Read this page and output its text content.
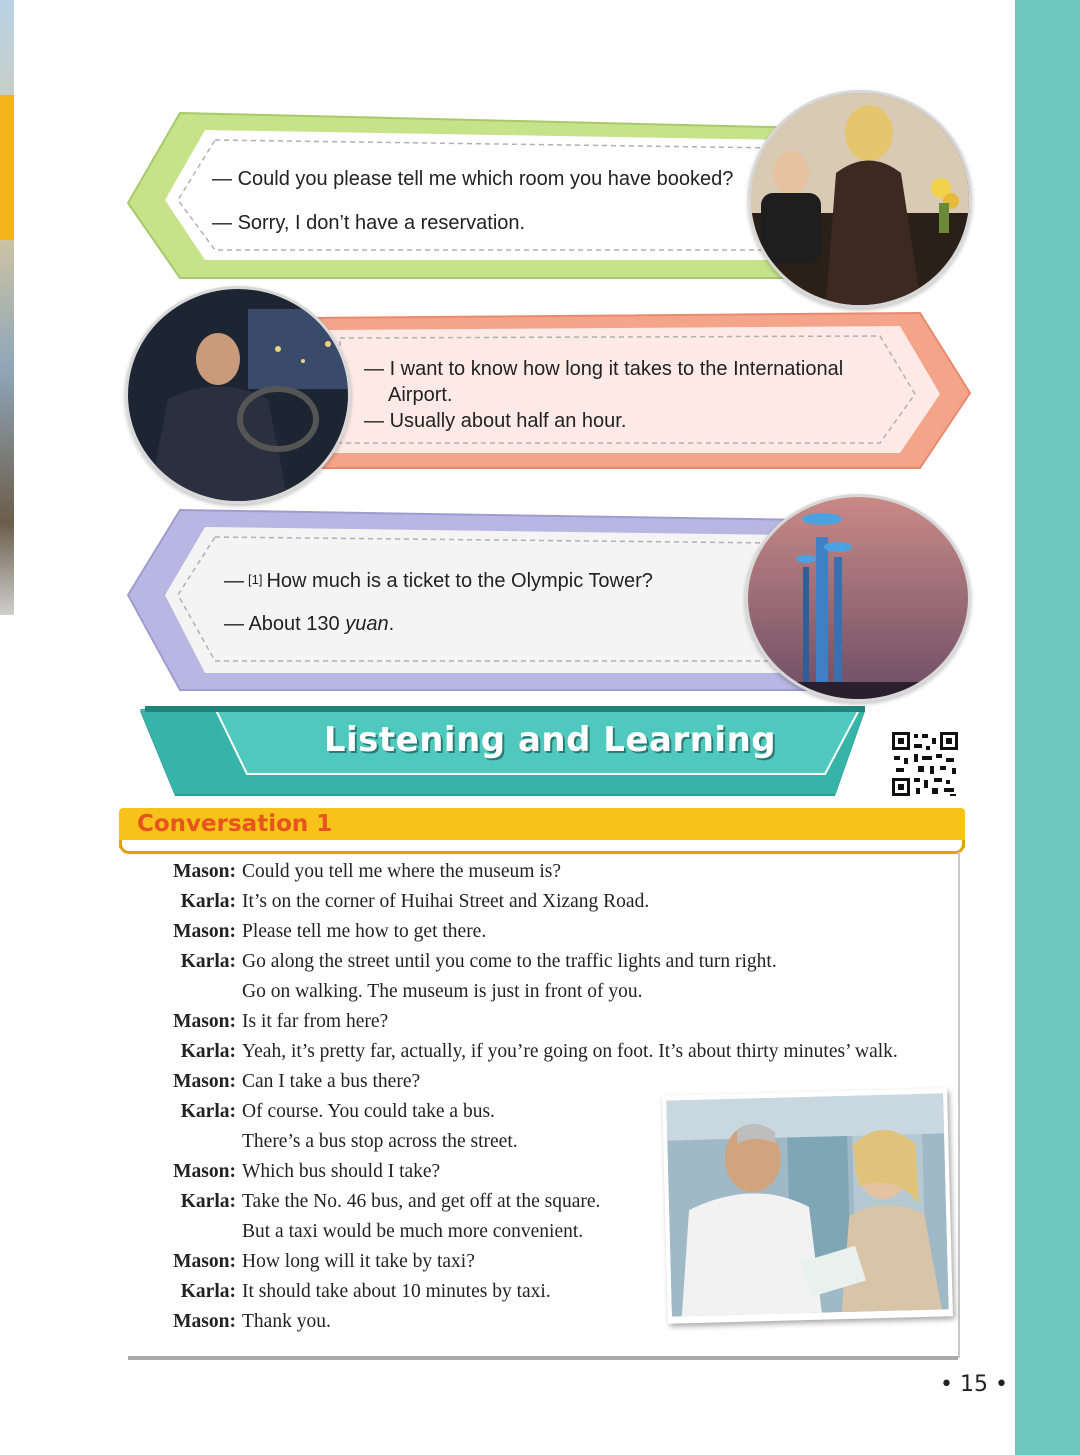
— Could you please tell me which room you have booked?
— Sorry, I don’t have a reservation.
— I want to know how long it takes to the International
Airport.
— Usually about half an hour.
— [1] How much is a ticket to the Olympic Tower?
— About 130 yuan.
Listening and Learning
Conversation 1
Mason: Could you tell me where the museum is?
Karla: It’s on the corner of Huihai Street and Xizang Road.
Mason: Please tell me how to get there.
Karla: Go along the street until you come to the traffic lights and turn right.
Go on walking. The museum is just in front of you.
Mason: Is it far from here?
Karla: Yeah, it’s pretty far, actually, if you’re going on foot. It’s about thirty minutes’ walk.
Mason: Can I take a bus there?
Karla: Of course. You could take a bus.
There’s a bus stop across the street.
Mason: Which bus should I take?
Karla: Take the No. 46 bus, and get off at the square.
But a taxi would be much more convenient.
Mason: How long will it take by taxi?
Karla: It should take about 10 minutes by taxi.
Mason: Thank you.
• 15 •
